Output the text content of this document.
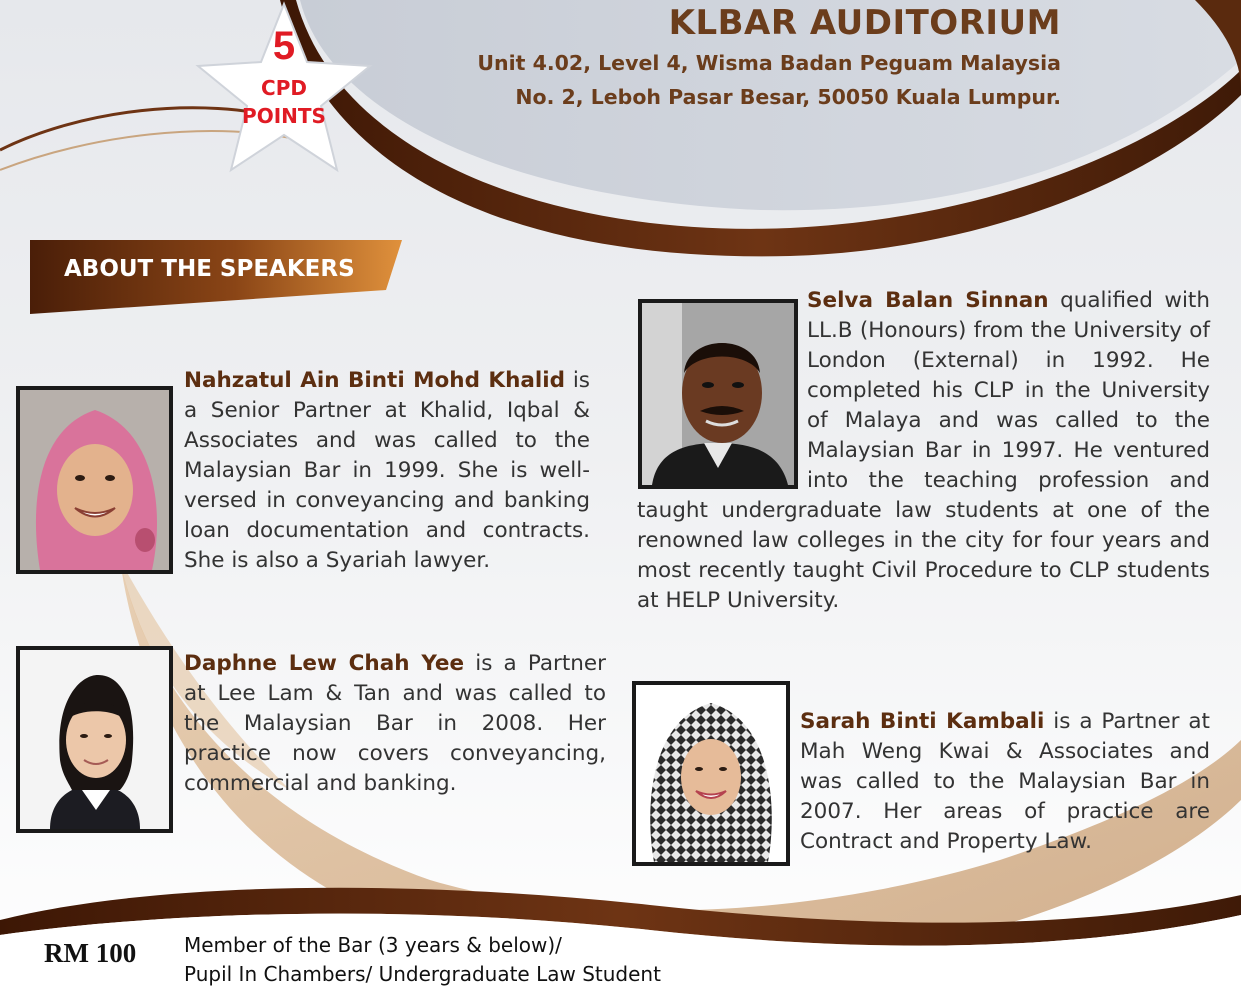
5
CPD
POINTS
KLBAR AUDITORIUM
Unit 4.02, Level 4, Wisma Badan Peguam Malaysia
No. 2, Leboh Pasar Besar, 50050 Kuala Lumpur.
ABOUT THE SPEAKERS

Nahzatul Ain Binti Mohd Khalid is a Senior Partner at Khalid, Iqbal & Associates and was called to the Malaysian Bar in 1999. She is well-versed in conveyancing and banking loan documentation and contracts. She is also a Syariah lawyer.

Daphne Lew Chah Yee is a Partner at Lee Lam & Tan and was called to the Malaysian Bar in 2008. Her practice now covers conveyancing, commercial and banking.

Selva Balan Sinnan qualified with LL.B (Honours) from the University of London (External) in 1992. He completed his CLP in the University of Malaya and was called to the Malaysian Bar in 1997. He ventured into the teaching profession and taught undergraduate law students at one of the renowned law colleges in the city for four years and most recently taught Civil Procedure to CLP students at HELP University.

Sarah Binti Kambali is a Partner at Mah Weng Kwai & Associates and was called to the Malaysian Bar in 2007. Her areas of practice are Contract and Property Law.

RM 100 Member of the Bar (3 years & below)/
Pupil In Chambers/ Undergraduate Law Student
